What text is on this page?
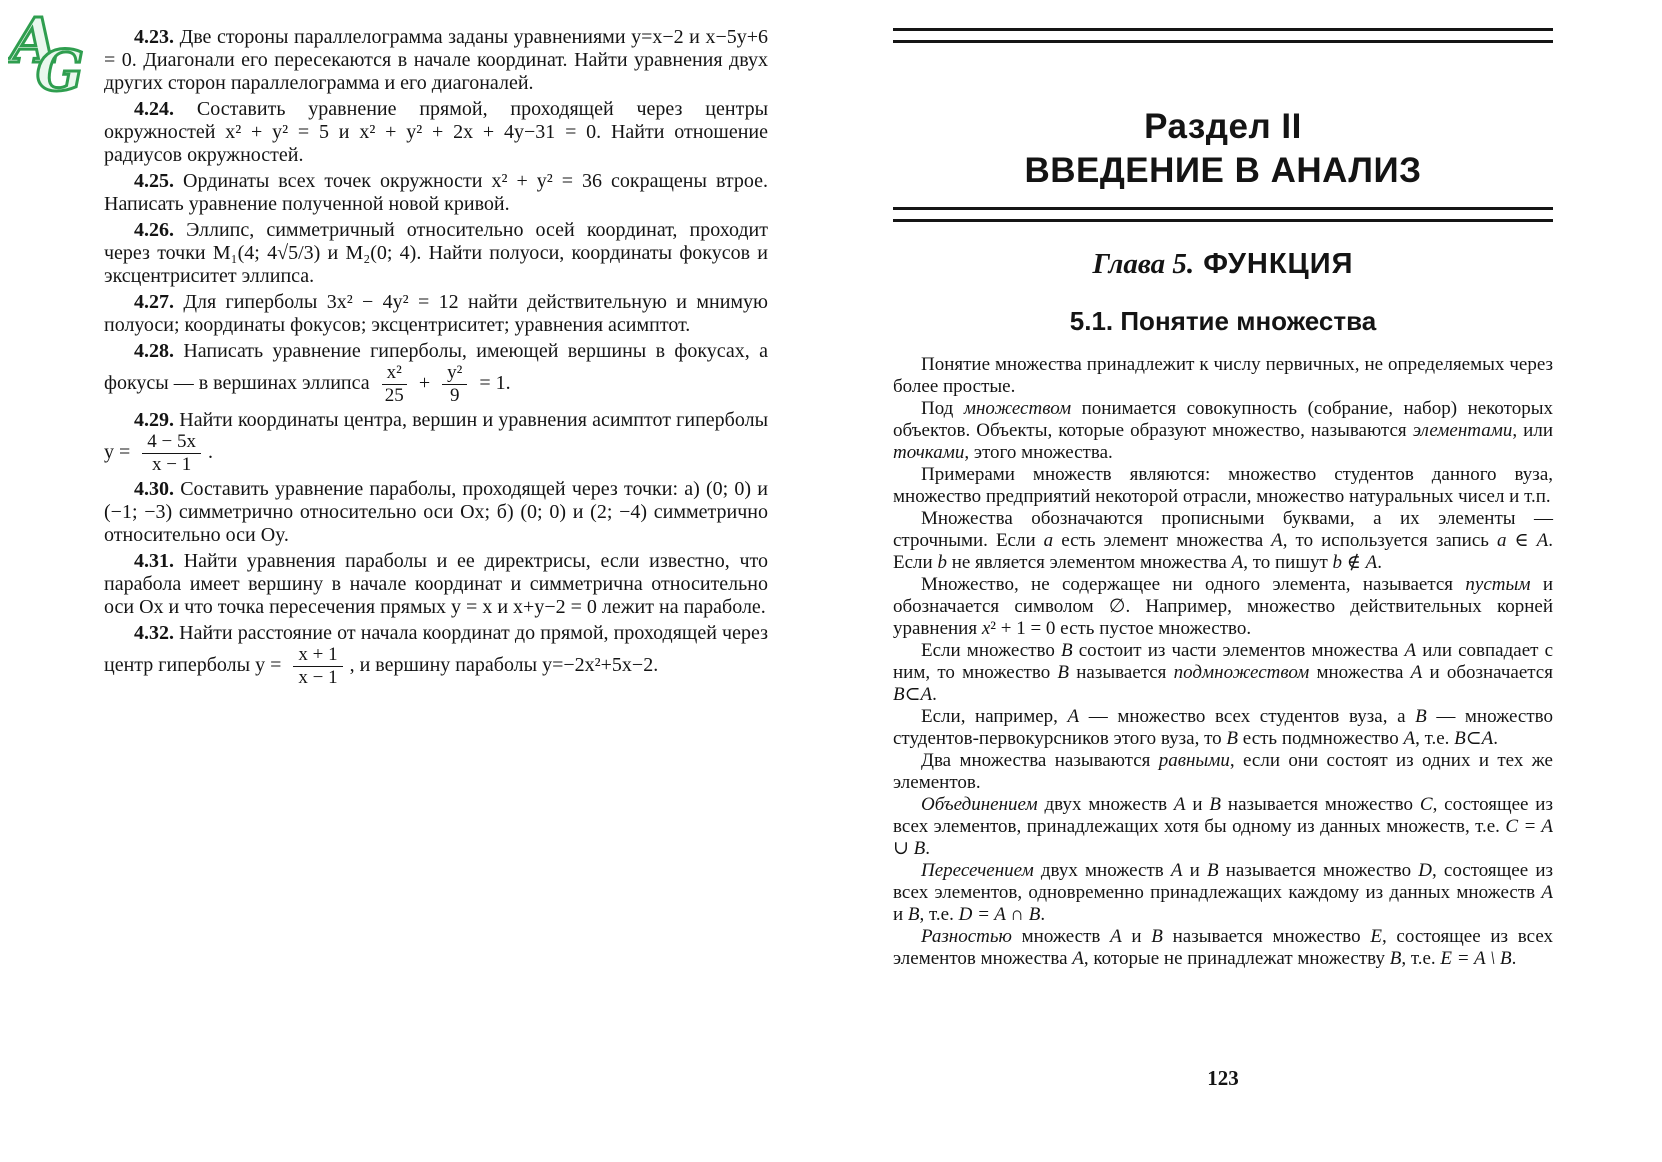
A
G

4.23. Две стороны параллелограмма заданы уравнениями y=x−2 и x−5y+6 = 0. Диагонали его пересекаются в начале координат. Найти уравнения двух других сторон параллелограмма и его диагоналей.

4.24. Составить уравнение прямой, проходящей через центры окружностей x² + y² = 5 и x² + y² + 2x + 4y−31 = 0. Найти отношение радиусов окружностей.

4.25. Ординаты всех точек окружности x² + y² = 36 сокращены втрое. Написать уравнение полученной новой кривой.

4.26. Эллипс, симметричный относительно осей координат, проходит через точки M₁(4; 4√5/3) и M₂(0; 4). Найти полуоси, координаты фокусов и эксцентриситет эллипса.

4.27. Для гиперболы 3x² − 4y² = 12 найти действительную и мнимую полуоси; координаты фокусов; эксцентриситет; уравнения асимптот.

4.28. Написать уравнение гиперболы, имеющей вершины в фокусах, а фокусы — в вершинах эллипса $\frac{\text{x²}}{25} + \frac{\text{y²}}{9} = 1$.

4.29. Найти координаты центра, вершин и уравнения асимптот гиперболы $y = \frac{4 - 5x}{x - 1}$ .

4.30. Составить уравнение параболы, проходящей через точки: а) (0; 0) и (−1; −3) симметрично относительно оси Ox; б) (0; 0) и (2; −4) симметрично относительно оси Oy.

4.31. Найти уравнения параболы и ее директрисы, если известно, что парабола имеет вершину в начале координат и симметрична относительно оси Ox и что точка пересечения прямых y = x и x+y−2 = 0 лежит на параболе.

4.32. Найти расстояние от начала координат до прямой, проходящей через центр гиперболы $y = \frac{x + 1}{x - 1}$ , и вершину параболы y=−2x²+5x−2.

Раздел II
ВВЕДЕНИЕ В АНАЛИЗ
Глава 5. ФУНКЦИЯ
5.1. Понятие множества

Понятие множества принадлежит к числу первичных, не определяемых через более простые.

Под множеством понимается совокупность (собрание, набор) некоторых объектов. Объекты, которые образуют множество, называются элементами, или точками, этого множества.

Примерами множеств являются: множество студентов данного вуза, множество предприятий некоторой отрасли, множество натуральных чисел и т.п.

Множества обозначаются прописными буквами, а их элементы — строчными. Если a есть элемент множества A, то используется запись a ∈ A. Если b не является элементом множества A, то пишут b ∉ A.

Множество, не содержащее ни одного элемента, называется пустым и обозначается символом ∅. Например, множество действительных корней уравнения x² + 1 = 0 есть пустое множество.

Если множество B состоит из части элементов множества A или совпадает с ним, то множество B называется подмножеством множества A и обозначается B⊂A.

Если, например, A — множество всех студентов вуза, а B — множество студентов-первокурсников этого вуза, то B есть подмножество A, т.е. B⊂A.

Два множества называются равными, если они состоят из одних и тех же элементов.

Объединением двух множеств A и B называется множество C, состоящее из всех элементов, принадлежащих хотя бы одному из данных множеств, т.е. C = A ∪ B.

Пересечением двух множеств A и B называется множество D, состоящее из всех элементов, одновременно принадлежащих каждому из данных множеств A и B, т.е. D = A ∩ B.

Разностью множеств A и B называется множество E, состоящее из всех элементов множества A, которые не принадлежат множеству B, т.е. E = A \ B.

123
